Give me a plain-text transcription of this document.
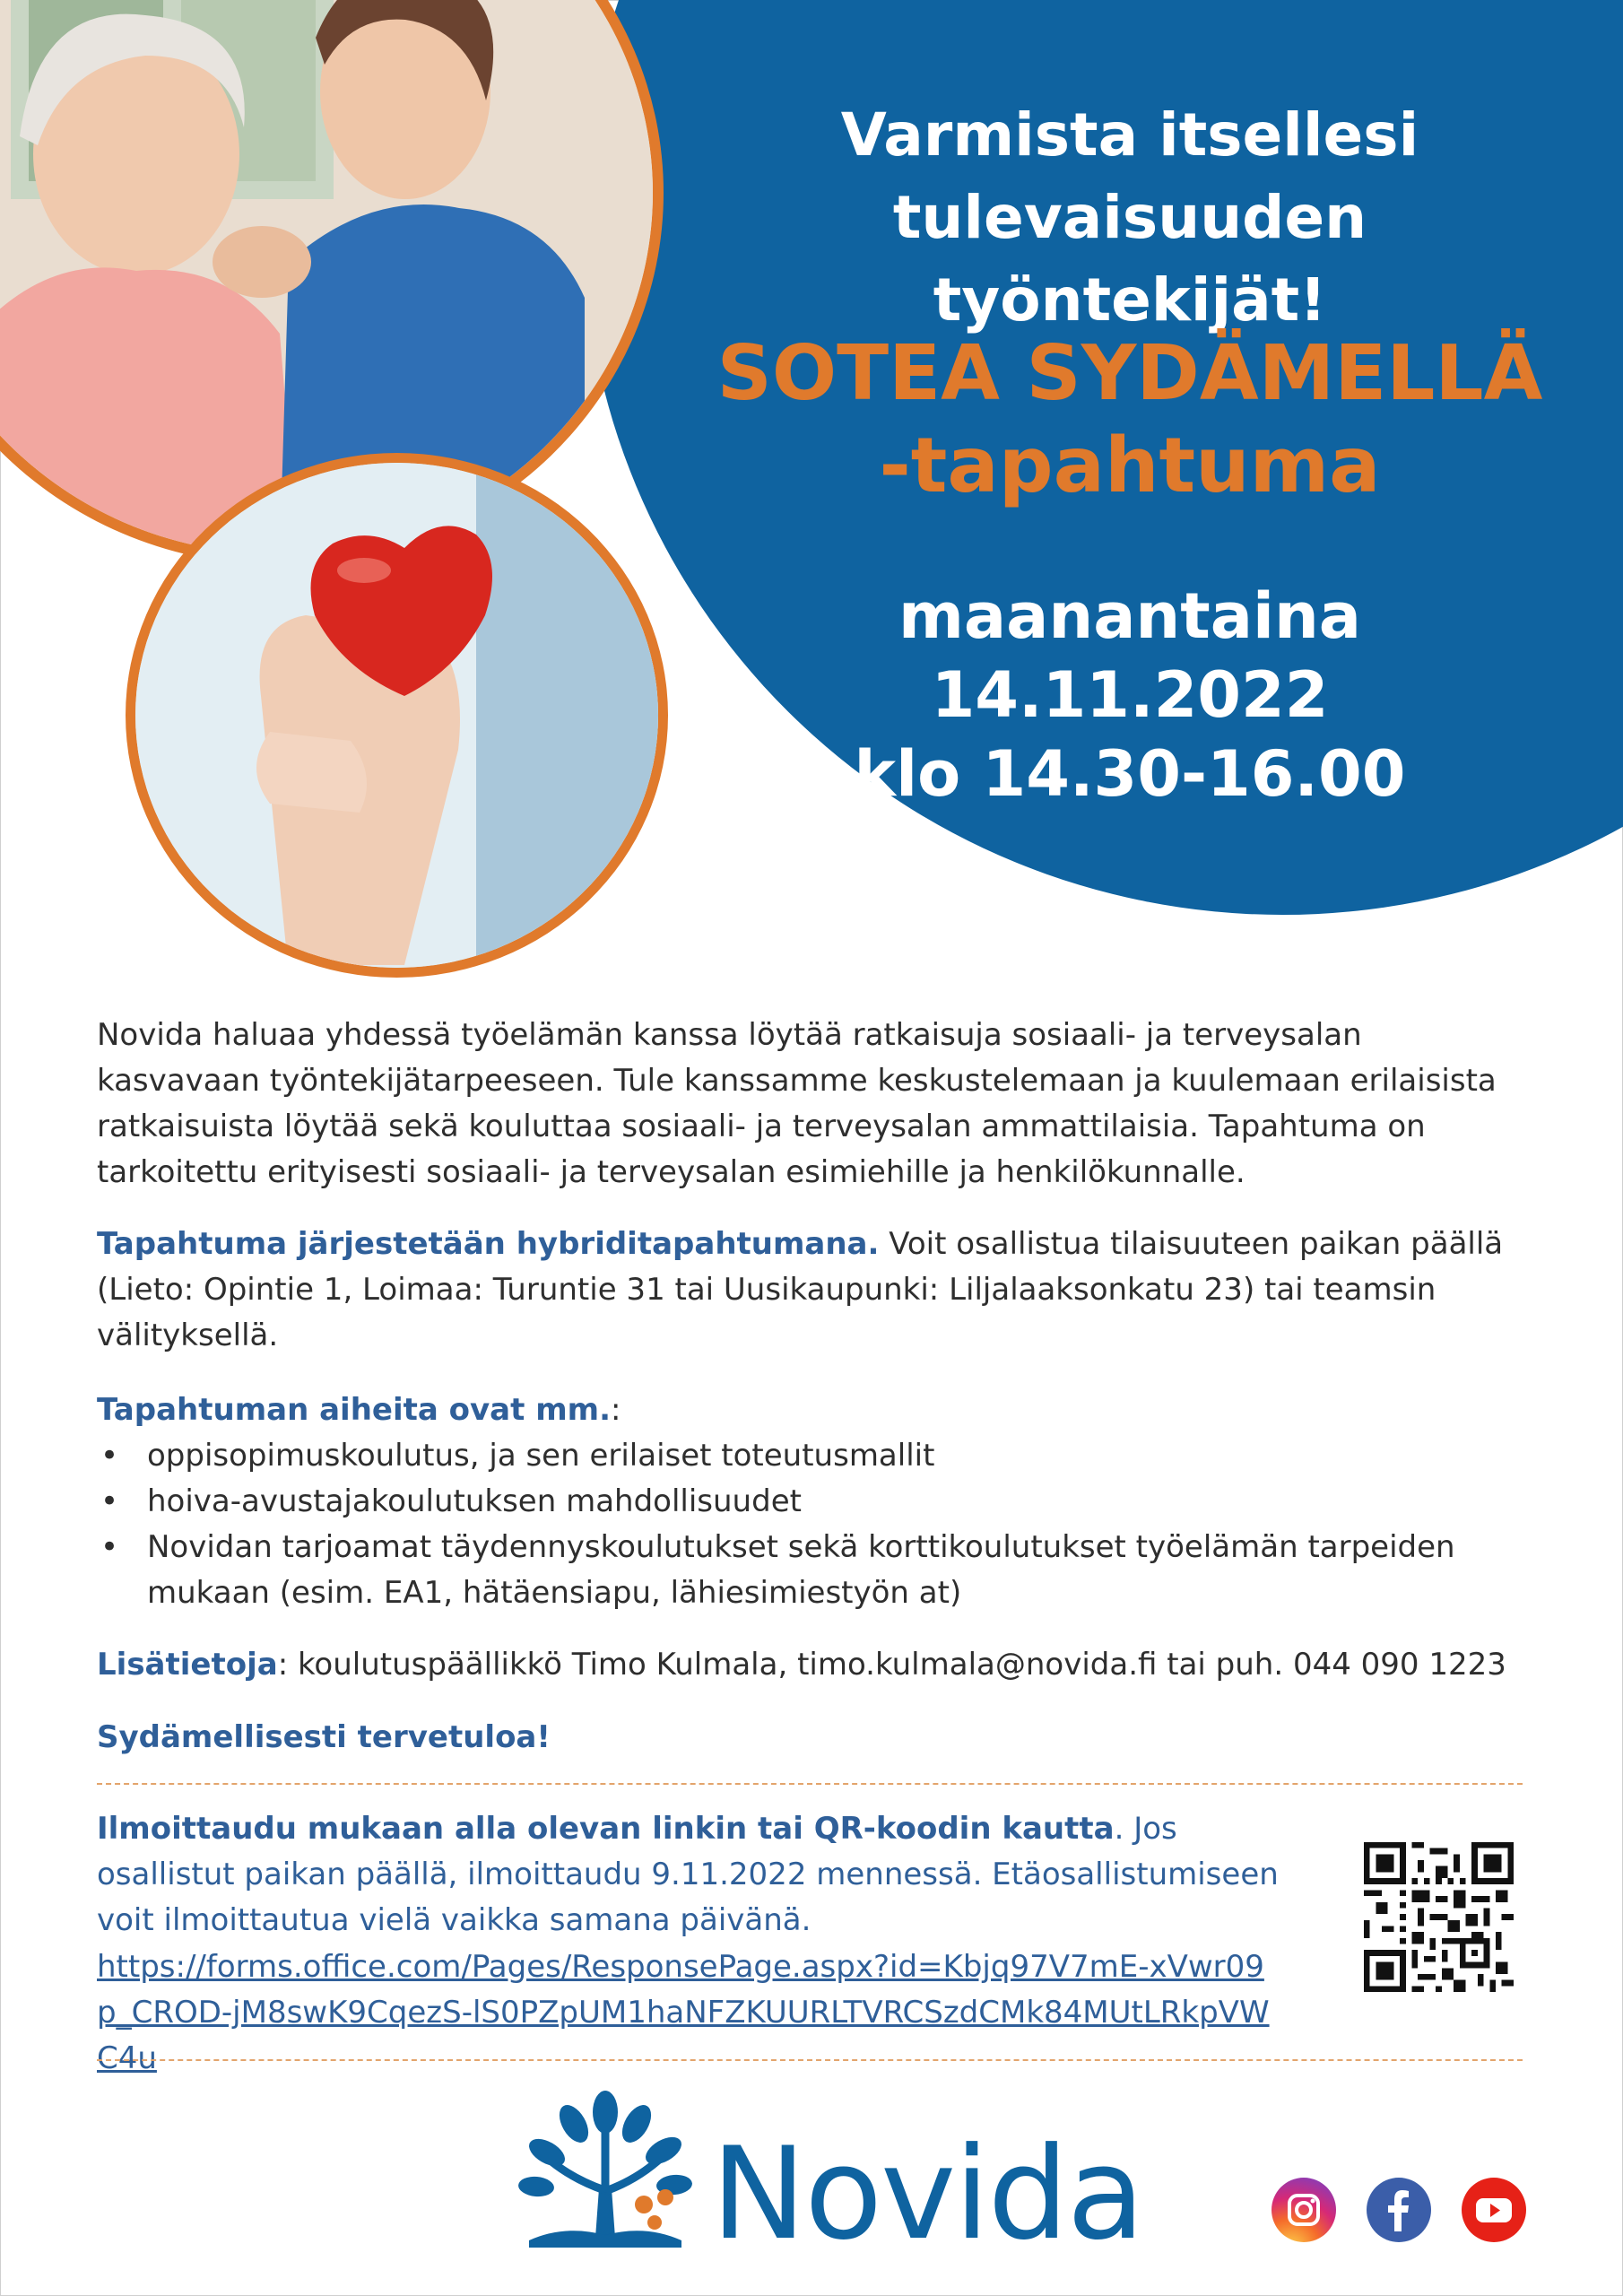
Varmista itsellesi
tulevaisuuden työntekijät!
SOTEA SYDÄMELLÄ
-tapahtuma
maanantaina 14.11.2022
klo 14.30-16.00
Novida haluaa yhdessä työelämän kanssa löytää ratkaisuja sosiaali- ja terveysalan kasvavaan työntekijätarpeeseen. Tule kanssamme keskustelemaan ja kuulemaan erilaisista ratkaisuista löytää sekä kouluttaa sosiaali- ja terveysalan ammattilaisia. Tapahtuma on tarkoitettu erityisesti sosiaali- ja terveysalan esimiehille ja henkilökunnalle.
Tapahtuma järjestetään hybriditapahtumana. Voit osallistua tilaisuuteen paikan päällä (Lieto: Opintie 1, Loimaa: Turuntie 31 tai Uusikaupunki: Liljalaaksonkatu 23) tai teamsin välityksellä.
Tapahtuman aiheita ovat mm.:
• oppisopimuskoulutus, ja sen erilaiset toteutusmallit
• hoiva-avustajakoulutuksen mahdollisuudet
• Novidan tarjoamat täydennyskoulutukset sekä korttikoulutukset työelämän tarpeiden mukaan (esim. EA1, hätäensiapu, lähiesimiestyön at)
Lisätietoja: koulutuspäällikkö Timo Kulmala, timo.kulmala@novida.fi tai puh. 044 090 1223
Sydämellisesti tervetuloa!
Ilmoittaudu mukaan alla olevan linkin tai QR-koodin kautta. Jos osallistut paikan päällä, ilmoittaudu 9.11.2022 mennessä. Etäosallistumiseen voit ilmoittautua vielä vaikka samana päivänä.
https://forms.office.com/Pages/ResponsePage.aspx?id=Kbjq97V7mE-xVwr09p_CROD-jM8swK9CqezS-lS0PZpUM1haNFZKUURLTVRCSzdCMk84MUtLRkpVWC4u
Novida
